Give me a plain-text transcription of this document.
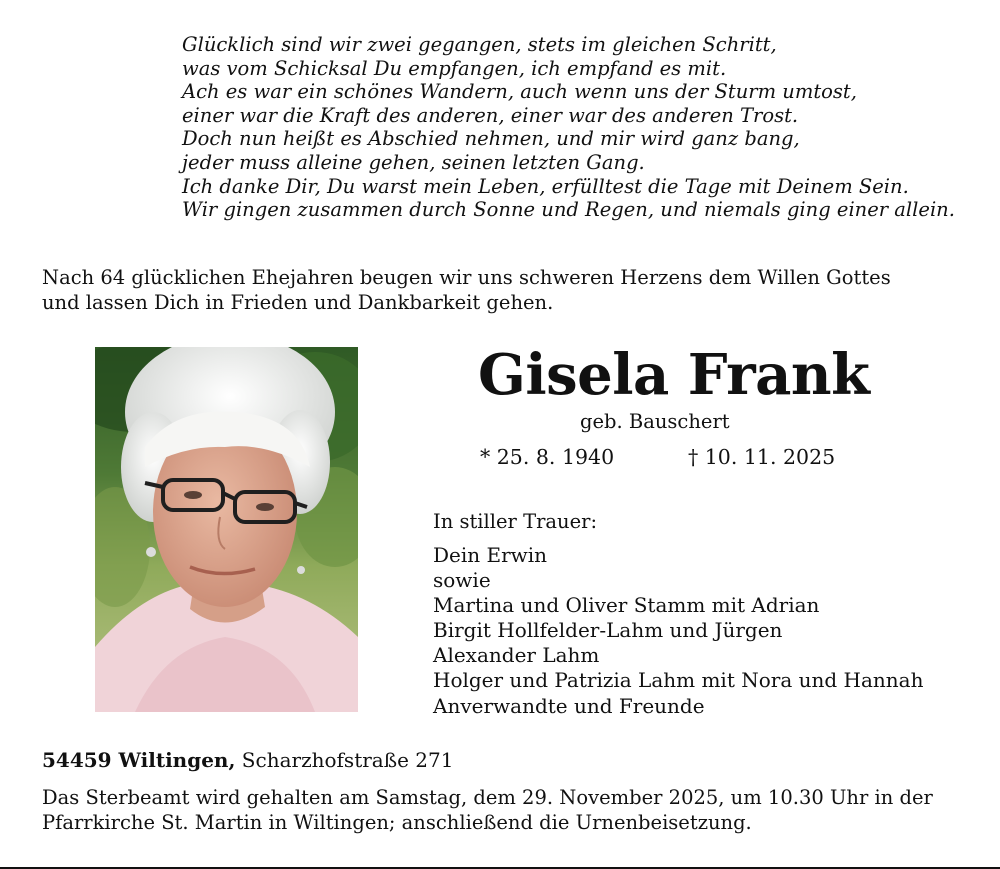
Glücklich sind wir zwei gegangen, stets im gleichen Schritt,
was vom Schicksal Du empfangen, ich empfand es mit.
Ach es war ein schönes Wandern, auch wenn uns der Sturm umtost,
einer war die Kraft des anderen, einer war des anderen Trost.
Doch nun heißt es Abschied nehmen, und mir wird ganz bang,
jeder muss alleine gehen, seinen letzten Gang.
Ich danke Dir, Du warst mein Leben, erfülltest die Tage mit Deinem Sein.
Wir gingen zusammen durch Sonne und Regen, und niemals ging einer allein.
Nach 64 glücklichen Ehejahren beugen wir uns schweren Herzens dem Willen Gottes
und lassen Dich in Frieden und Dankbarkeit gehen.
Gisela Frank
geb. Bauschert
* 25. 8. 1940	† 10. 11. 2025
In stiller Trauer:
Dein Erwin
sowie
Martina und Oliver Stamm mit Adrian
Birgit Hollfelder-Lahm und Jürgen
Alexander Lahm
Holger und Patrizia Lahm mit Nora und Hannah
Anverwandte und Freunde
54459 Wiltingen, Scharzhofstraße 271
Das Sterbeamt wird gehalten am Samstag, dem 29. November 2025, um 10.30 Uhr in der
Pfarrkirche St. Martin in Wiltingen; anschließend die Urnenbeisetzung.
